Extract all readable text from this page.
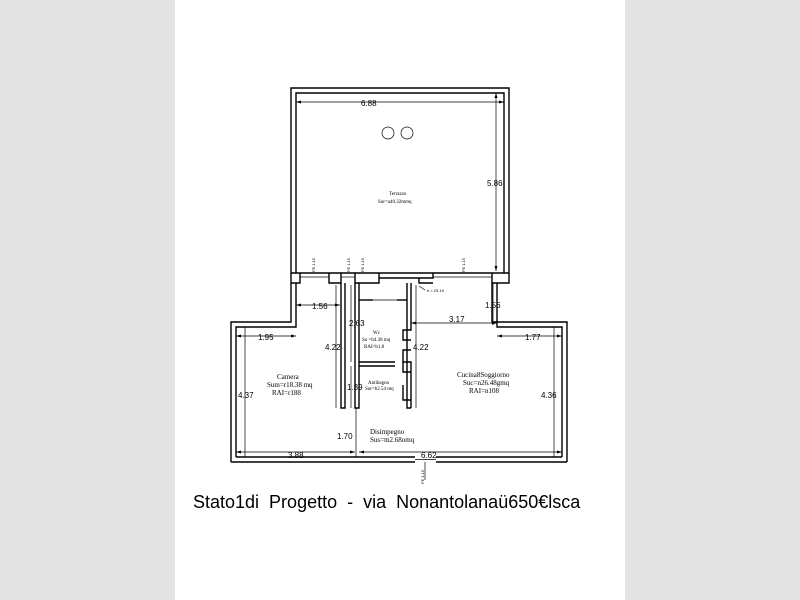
6.88
5.86
Terrazzo
Sur=a40.32mmq
FE 1.15	FE 1.15 FE 1.15	FE 1.15
h = 23.19
1.56	1.56
2.63
4.22	4.22
1.39
3.17
1.95	1.77
4.37	4.36
1.70
3.88	6.62
Camera
Sum=r18.38 mq
RAI=r188
Wc
Su =b4.38 mq
RAI=b1.8
Antibagno
Sur=b2.54 mq
Cucina8Soggiorno
Suc=n26.48gmq
RAI=n108
Disimpegno
Sus=m2.68omq
FE 1.15
Stato1di  Progetto  -  via  Nonantolanaü650€lsca
